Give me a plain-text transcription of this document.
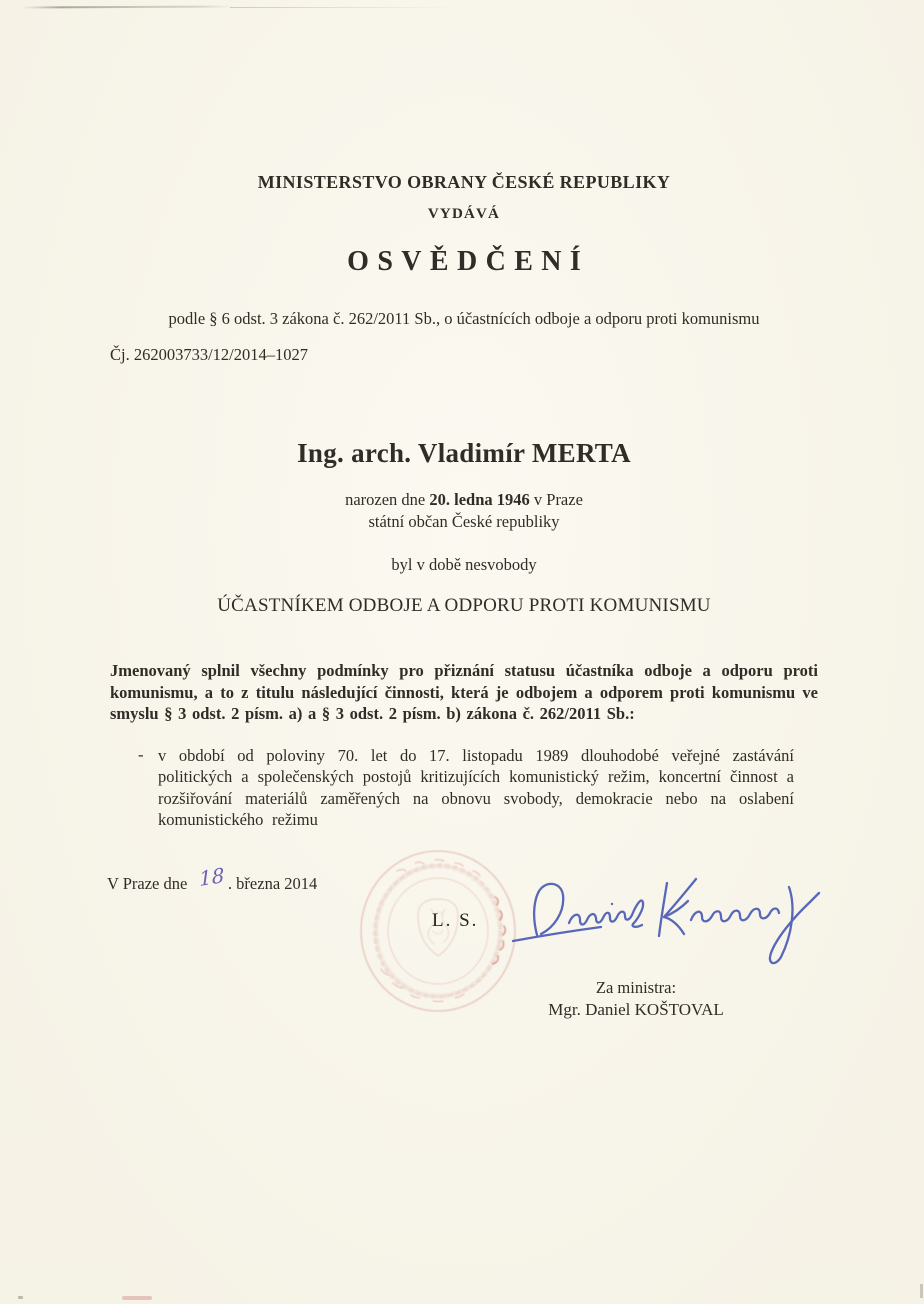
MINISTERSTVO OBRANY ČESKÉ REPUBLIKY
VYDÁVÁ
OSVĚDČENÍ
podle § 6 odst. 3 zákona č. 262/2011 Sb., o účastnících odboje a odporu proti komunismu
Čj. 262003733/12/2014–1027
Ing. arch. Vladimír MERTA
narozen dne 20. ledna 1946 v Praze
státní občan České republiky
byl v době nesvobody
ÚČASTNÍKEM ODBOJE A ODPORU PROTI KOMUNISMU
Jmenovaný splnil všechny podmínky pro přiznání statusu účastníka odboje a odporu proti komunismu, a to z titulu následující činnosti, která je odbojem a odporem proti komunismu ve smyslu § 3 odst. 2 písm. a) a § 3 odst. 2 písm. b) zákona č. 262/2011 Sb.:
- v období od poloviny 70. let do 17. listopadu 1989 dlouhodobé veřejné zastávání politických a společenských postojů kritizujících komunistický režim, koncertní činnost a rozšiřování materiálů zaměřených na obnovu svobody, demokracie nebo na oslabení komunistického režimu
V Praze dne 18 . března 2014
L. S.
Za ministra:
Mgr. Daniel KOŠTOVAL
